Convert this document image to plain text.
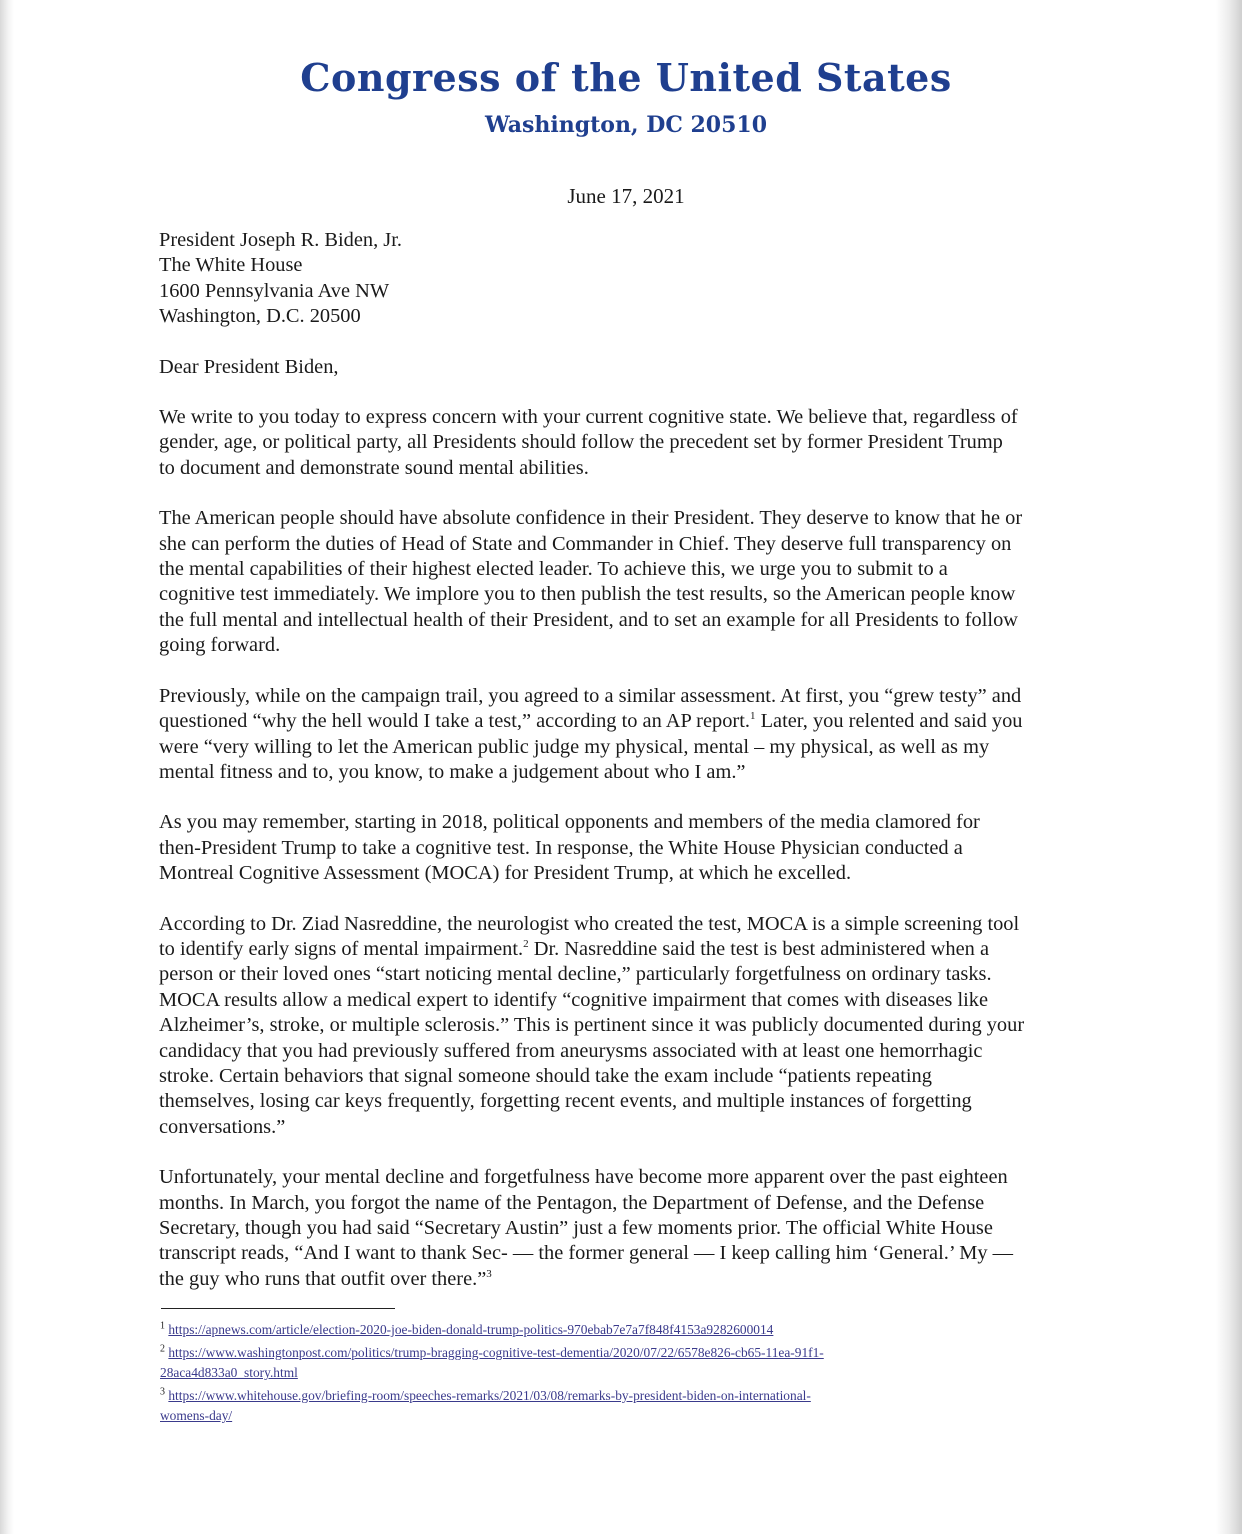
Congress of the United States
Washington, DC 20510
June 17, 2021
President Joseph R. Biden, Jr.
The White House
1600 Pennsylvania Ave NW
Washington, D.C. 20500
Dear President Biden,
We write to you today to express concern with your current cognitive state. We believe that, regardless of
gender, age, or political party, all Presidents should follow the precedent set by former President Trump
to document and demonstrate sound mental abilities.
The American people should have absolute confidence in their President. They deserve to know that he or
she can perform the duties of Head of State and Commander in Chief. They deserve full transparency on
the mental capabilities of their highest elected leader. To achieve this, we urge you to submit to a
cognitive test immediately. We implore you to then publish the test results, so the American people know
the full mental and intellectual health of their President, and to set an example for all Presidents to follow
going forward.
Previously, while on the campaign trail, you agreed to a similar assessment. At first, you “grew testy” and
questioned “why the hell would I take a test,” according to an AP report.$^1$ Later, you relented and said you
were “very willing to let the American public judge my physical, mental – my physical, as well as my
mental fitness and to, you know, to make a judgement about who I am.”
As you may remember, starting in 2018, political opponents and members of the media clamored for
then-President Trump to take a cognitive test. In response, the White House Physician conducted a
Montreal Cognitive Assessment (MOCA) for President Trump, at which he excelled.
According to Dr. Ziad Nasreddine, the neurologist who created the test, MOCA is a simple screening tool
to identify early signs of mental impairment.$^2$ Dr. Nasreddine said the test is best administered when a
person or their loved ones “start noticing mental decline,” particularly forgetfulness on ordinary tasks.
MOCA results allow a medical expert to identify “cognitive impairment that comes with diseases like
Alzheimer’s, stroke, or multiple sclerosis.” This is pertinent since it was publicly documented during your
candidacy that you had previously suffered from aneurysms associated with at least one hemorrhagic
stroke. Certain behaviors that signal someone should take the exam include “patients repeating
themselves, losing car keys frequently, forgetting recent events, and multiple instances of forgetting
conversations.”
Unfortunately, your mental decline and forgetfulness have become more apparent over the past eighteen
months. In March, you forgot the name of the Pentagon, the Department of Defense, and the Defense
Secretary, though you had said “Secretary Austin” just a few moments prior. The official White House
transcript reads, “And I want to thank Sec- — the former general — I keep calling him ‘General.’ My —
the guy who runs that outfit over there.”$^3$
$^1$ https://apnews.com/article/election-2020-joe-biden-donald-trump-politics-970ebab7e7a7f848f4153a9282600014
$^2$ https://www.washingtonpost.com/politics/trump-bragging-cognitive-test-dementia/2020/07/22/6578e826-cb65-11ea-91f1-
28aca4d833a0_story.html
$^3$ https://www.whitehouse.gov/briefing-room/speeches-remarks/2021/03/08/remarks-by-president-biden-on-international-
womens-day/
